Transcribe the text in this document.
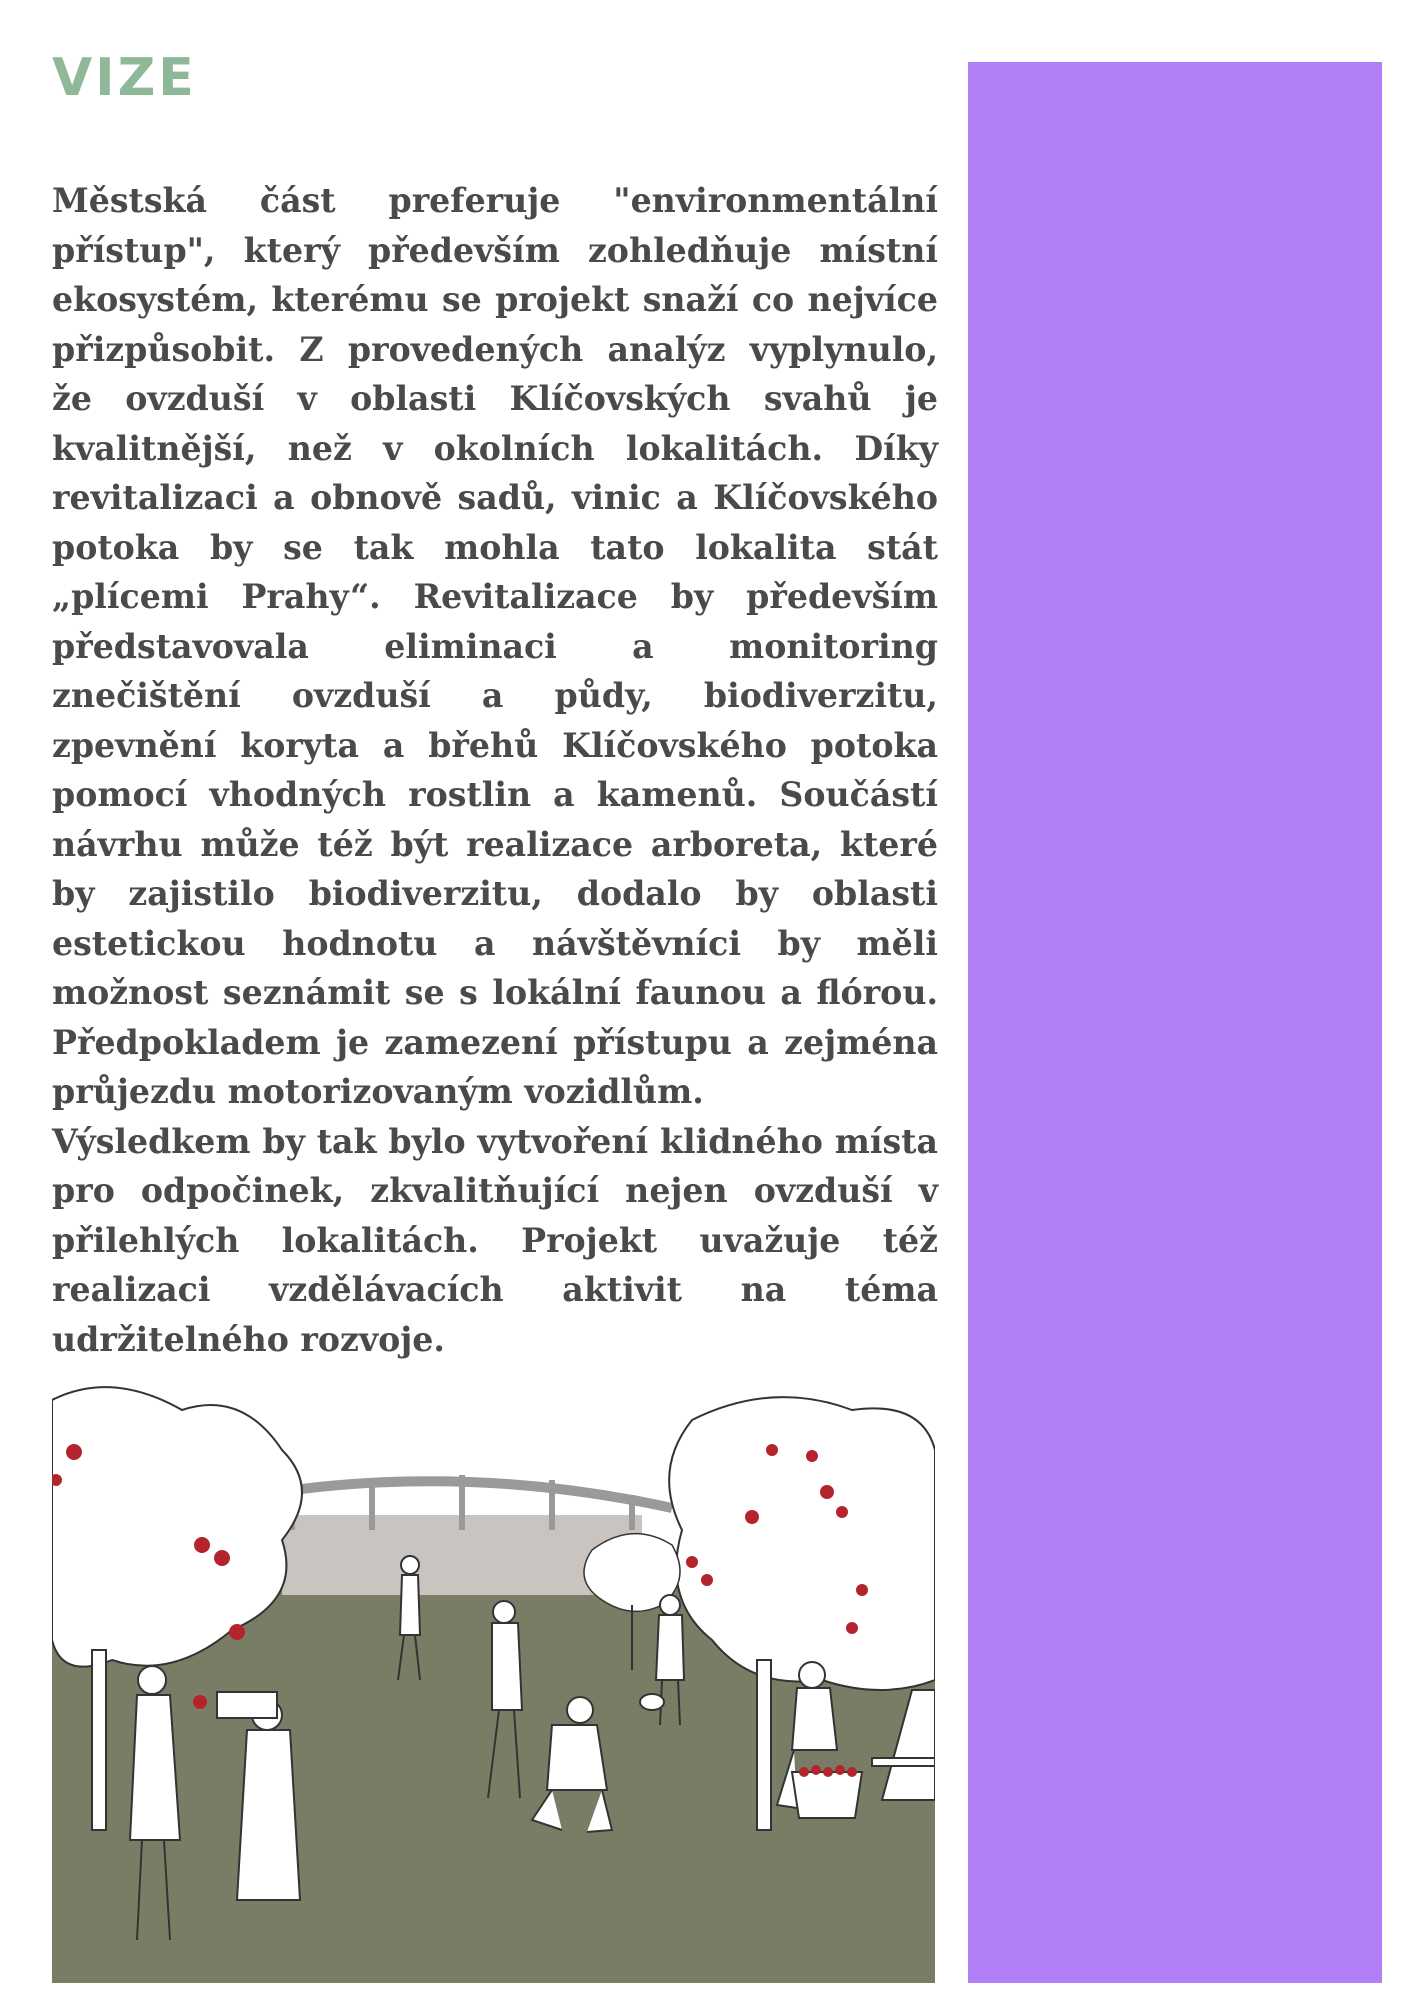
VIZE

Městská část preferuje "environmentální přístup", který především zohledňuje místní ekosystém, kterému se projekt snaží co nejvíce přizpůsobit. Z provedených analýz vyplynulo, že ovzduší v oblasti Klíčovských svahů je kvalitnější, než v okolních lokalitách. Díky revitalizaci a obnově sadů, vinic a Klíčovského potoka by se tak mohla tato lokalita stát „plícemi Prahy“. Revitalizace by především představovala eliminaci a monitoring znečištění ovzduší a půdy, biodiverzitu, zpevnění koryta a břehů Klíčovského potoka pomocí vhodných rostlin a kamenů. Součástí návrhu může též být realizace arboreta, které by zajistilo biodiverzitu, dodalo by oblasti estetickou hodnotu a návštěvníci by měli možnost seznámit se s lokální faunou a flórou. Předpokladem je zamezení přístupu a zejména průjezdu motorizovaným vozidlům.

Výsledkem by tak bylo vytvoření klidného místa pro odpočinek, zkvalitňující nejen ovzduší v přilehlých lokalitách. Projekt uvažuje též realizaci vzdělávacích aktivit na téma udržitelného rozvoje.
